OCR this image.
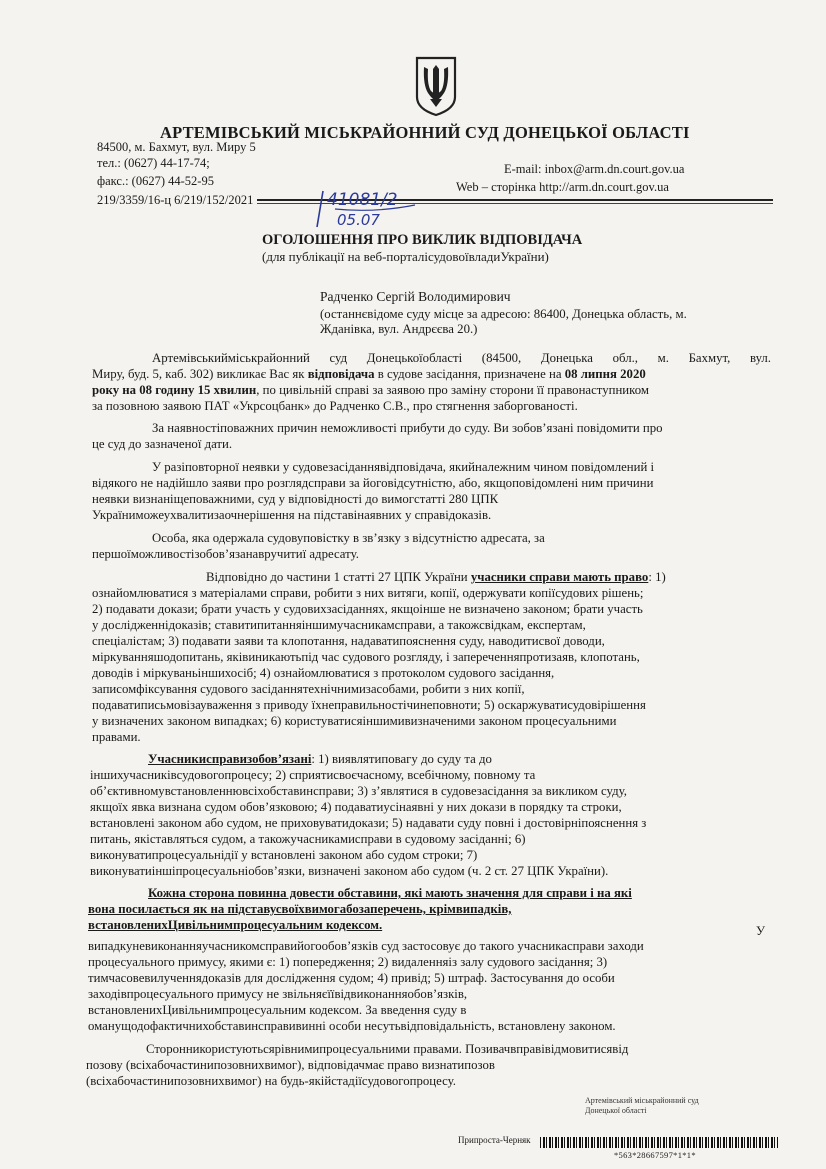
АРТЕМІВСЬКИЙ МІСЬКРАЙОННИЙ СУД ДОНЕЦЬКОЇ ОБЛАСТІ
84500, м. Бахмут, вул. Миру 5
тел.: (0627) 44-17-74;
факс.: (0627) 44-52-95
E-mail: inbox@arm.dn.court.gov.ua
Web – сторінка http://arm.dn.court.gov.ua
219/3359/16-ц 6/219/152/2021	41081/2
05.07
ОГОЛОШЕННЯ ПРО ВИКЛИК ВІДПОВІДАЧА
(для публікації на веб-порталісудовоївладиУкраїни)
Радченко Сергій Володимирович
(останнєвідоме суду місце за адресою: 86400, Донецька область, м.
Жданівка, вул. Андрєєва 20.)
Артемівськийміськрайонний суд Донецькоїобласті (84500, Донецька обл., м. Бахмут, вул.
Миру, буд. 5, каб. 302) викликає Вас як відповідача в судове засідання, призначене на 08 липня 2020
року на 08 годину 15 хвилин, по цивільній справі за заявою про заміну сторони її правонаступником
за позовною заявою ПАТ «Укрсоцбанк» до Радченко С.В., про стягнення заборгованості.
За наявностіповажних причин неможливості прибути до суду. Ви зобов’язані повідомити про
це суд до зазначеної дати.
У разіповторної неявки у судовезасіданнявідповідача, якийналежним чином повідомлений і
відякого не надійшло заяви про розглядсправи за йоговідсутністю, або, якщоповідомлені ним причини
неявки визнаніщеповажними, суд у відповідності до вимогстатті 280 ЦПК
Україниможеухвалитизаочнерішення на підставінаявних у справідоказів.
Особа, яка одержала судовуповістку в зв’язку з відсутністю адресата, за
першоїможливостізобов’язанавручитиї адресату.
Відповідно до частини 1 статті 27 ЦПК України учасники справи мають право: 1)
ознайомлюватися з матеріалами справи, робити з них витяги, копії, одержувати копіїсудових рішень;
2) подавати докази; брати участь у судовихзасіданнях, якщоінше не визначено законом; брати участь
у дослідженнідоказів; ставитипитанняіншимучасникамсправи, а такожсвідкам, експертам,
спеціалістам; 3) подавати заяви та клопотання, надаватипояснення суду, наводитисвої доводи,
міркуванняшодопитань, яківиникаютьпід час судового розгляду, і запереченняпротизаяв, клопотань,
доводів і міркуваньіншихосіб; 4) ознайомлюватися з протоколом судового засідання,
записомфіксування судового засіданнятехнічнимизасобами, робити з них копії,
подаватиписьмовізауваження з приводу їхнеправильностічинеповноти; 5) оскаржуватисудовірішення
у визначених законом випадках; 6) користуватисяіншимивизначеними законом процесуальними
правами.
Учасникисправизобов’язані: 1) виявлятиповагу до суду та до
іншихучасниківсудовогопроцесу; 2) сприятисвоєчасному, всебічному, повному та
об’єктивномувстановленнювсіхобставинсправи; 3) з’являтися в судовезасідання за викликом суду,
якщоїх явка визнана судом обов’язковою; 4) подаватиусінаявні у них докази в порядку та строки,
встановлені законом або судом, не приховуватидокази; 5) надавати суду повні і достовірніпояснення з
питань, якіставляться судом, а такожучасникамисправи в судовому засіданні; 6)
виконуватипроцесуальнідії у встановлені законом або судом строки; 7)
виконуватиіншіпроцесуальніобов’язки, визначені законом або судом (ч. 2 ст. 27 ЦПК України).
Кожна сторона повинна довести обставини, які мають значення для справи і на які
вона посилається як на підставусвоїхвимогабозаперечень, крімвипадків,
встановленихЦивільнимпроцесуальним кодексом.	У
випадкуневиконанняучасникомсправийогообов’язків суд застосовує до такого учасникасправи заходи
процесуального примусу, якими є: 1) попередження; 2) видаленняіз залу судового засідання; 3)
тимчасовевилученнядоказів для дослідження судом; 4) привід; 5) штраф. Застосування до особи
заходівпроцесуального примусу не звільняєїївідвиконанняобов’язків,
встановленихЦивільнимпроцесуальним кодексом. За введення суду в
оманущодофактичнихобставинсправивинні особи несутьвідповідальність, встановлену законом.
Сторонникористуютьсярівнимипроцесуальними правами. Позивачвправівідмовитисявід
позову (всіхабочастинипозовнихвимог), відповідачмає право визнатипозов
(всіхабочастинипозовнихвимог) на будь-якійстадіїсудовогопроцесу.
Артемівський міськрайонний суд
Донецької області
Припроста-Черняк
*563*28667597*1*1*
